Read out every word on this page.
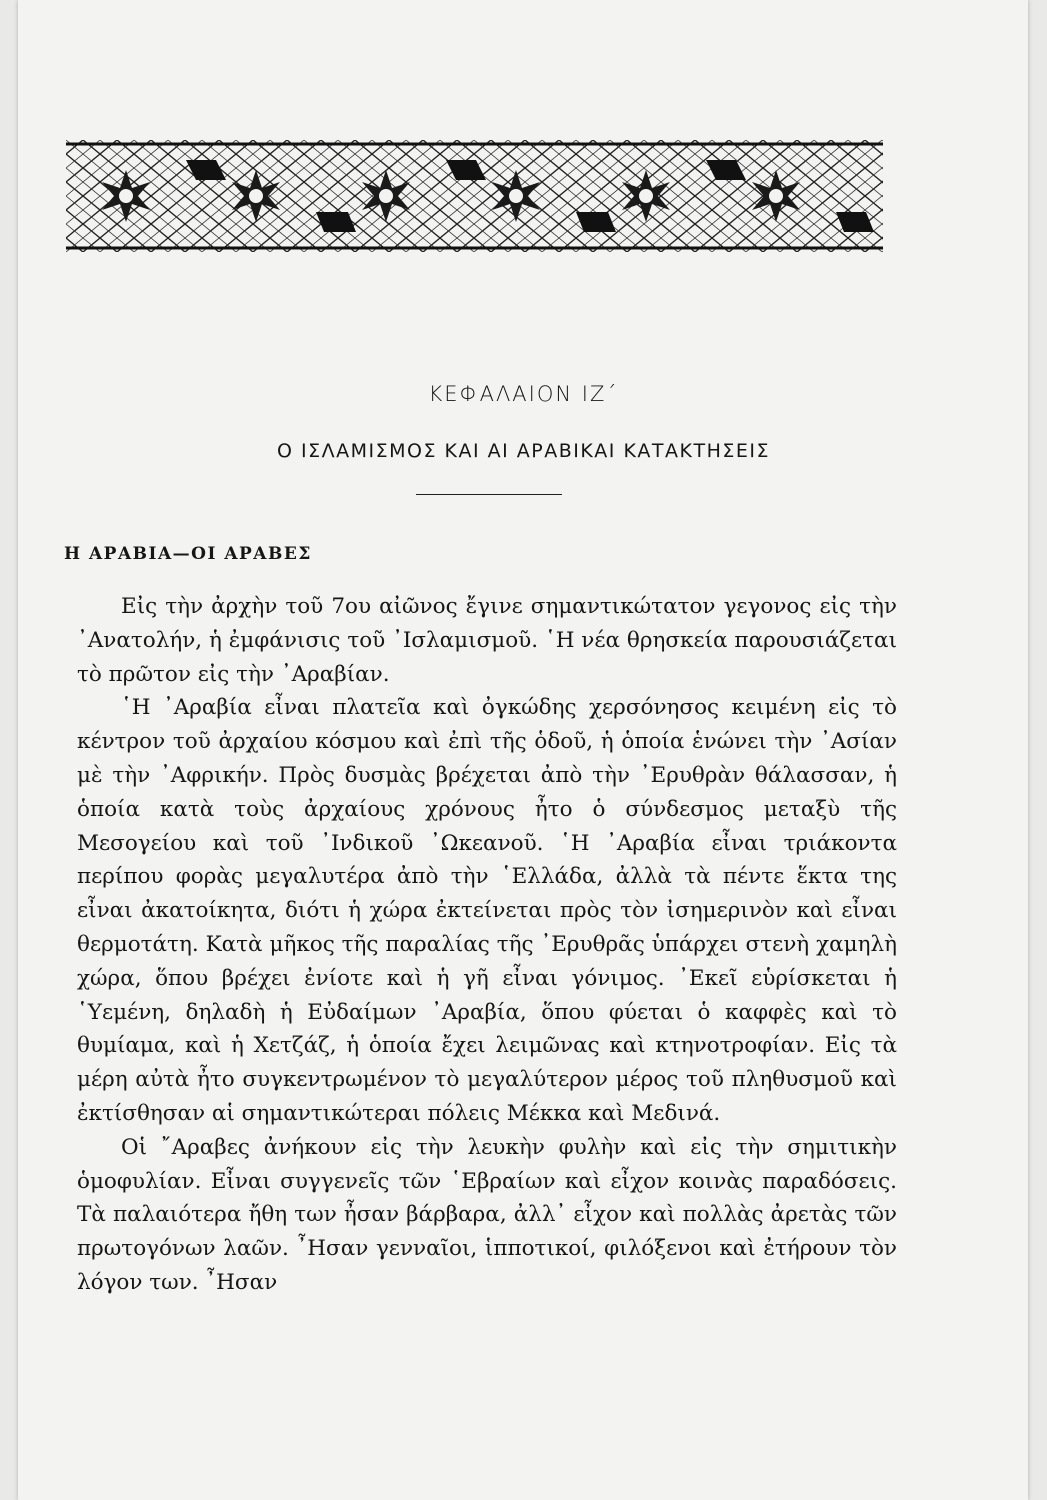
ΚΕΦΑΛΑΙΟΝ ΙΖ΄
Ο ΙΣΛΑΜΙΣΜΟΣ ΚΑΙ ΑΙ ΑΡΑΒΙΚΑΙ ΚΑΤΑΚΤΗΣΕΙΣ
Η ΑΡΑΒΙΑ—ΟΙ ΑΡΑΒΕΣ

Εἰς τὴν ἀρχὴν τοῦ 7ου αἰῶνος ἔγινε σημαντικώτατον γεγονος εἰς τὴν ᾿Ανατολήν, ἡ ἐμφάνισις τοῦ ᾿Ισλαμισμοῦ. ῾Η νέα θρησκεία παρουσιάζεται τὸ πρῶτον εἰς τὴν ᾿Αραβίαν.

῾Η ᾿Αραβία εἶναι πλατεῖα καὶ ὀγκώδης χερσόνησος κειμένη εἰς τὸ κέντρον τοῦ ἀρχαίου κόσμου καὶ ἐπὶ τῆς ὁδοῦ, ἡ ὁποία ἑνώνει τὴν ᾿Ασίαν μὲ τὴν ᾿Αφρικήν. Πρὸς δυσμὰς βρέχεται ἀπὸ τὴν ᾿Ερυθρὰν θάλασσαν, ἡ ὁποία κατὰ τοὺς ἀρχαίους χρόνους ἦτο ὁ σύνδεσμος μεταξὺ τῆς Μεσογείου καὶ τοῦ ᾿Ινδικοῦ ᾿Ωκεανοῦ. ῾Η ᾿Αραβία εἶναι τριάκοντα περίπου φορὰς μεγαλυτέρα ἀπὸ τὴν ῾Ελλάδα, ἀλλὰ τὰ πέντε ἕκτα της εἶναι ἀκατοίκητα, διότι ἡ χώρα ἐκτείνεται πρὸς τὸν ἰσημερινὸν καὶ εἶναι θερμοτάτη. Κατὰ μῆκος τῆς παραλίας τῆς ᾿Ερυθρᾶς ὑπάρχει στενὴ χαμηλὴ χώρα, ὅπου βρέχει ἐνίοτε καὶ ἡ γῆ εἶναι γόνιμος. ᾿Εκεῖ εὑρίσκεται ἡ ῾Υεμένη, δηλαδὴ ἡ Εὐδαίμων ᾿Αραβία, ὅπου φύεται ὁ καφφὲς καὶ τὸ θυμίαμα, καὶ ἡ Χετζάζ, ἡ ὁποία ἔχει λειμῶνας καὶ κτηνοτροφίαν. Εἰς τὰ μέρη αὐτὰ ἦτο συγκεντρωμένον τὸ μεγαλύτερον μέρος τοῦ πληθυσμοῦ καὶ ἐκτίσθησαν αἱ σημαντικώτεραι πόλεις Μέκκα καὶ Μεδινά.

Οἱ ῎Αραβες ἀνήκουν εἰς τὴν λευκὴν φυλὴν καὶ εἰς τὴν σημιτικὴν ὁμοφυλίαν. Εἶναι συγγενεῖς τῶν ῾Εβραίων καὶ εἶχον κοινὰς παραδόσεις. Τὰ παλαιότερα ἤθη των ἦσαν βάρβαρα, ἀλλ᾿ εἶχον καὶ πολλὰς ἀρετὰς τῶν πρωτογόνων λαῶν. ῏Ησαν γενναῖοι, ἱπποτικοί, φιλόξενοι καὶ ἐτήρουν τὸν λόγον των. ῏Ησαν
